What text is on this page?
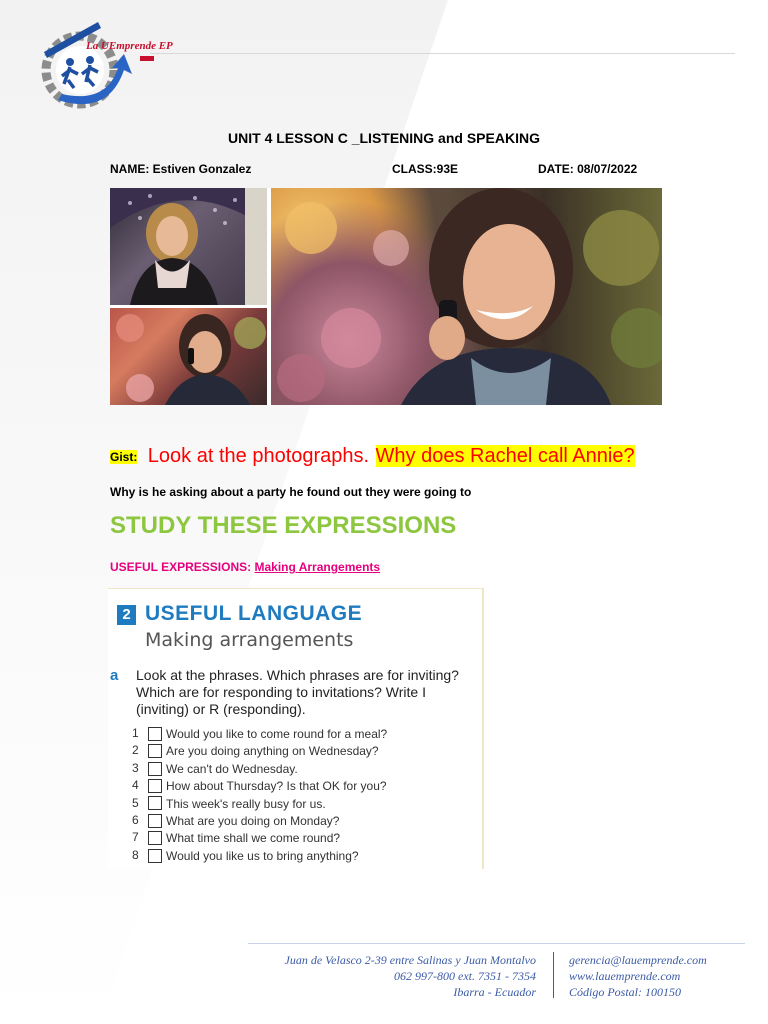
La UEmprende EP
UNIT 4 LESSON C _LISTENING and SPEAKING
NAME: Estiven Gonzalez	CLASS:93E	DATE: 08/07/2022
Gist: Look at the photographs. Why does Rachel call Annie?
Why is he asking about a party he found out they were going to
STUDY THESE EXPRESSIONS
USEFUL EXPRESSIONS: Making Arrangements
2 USEFUL LANGUAGE
Making arrangements
a Look at the phrases. Which phrases are for inviting? Which are for responding to invitations? Write I (inviting) or R (responding).
1 Would you like to come round for a meal?
2 Are you doing anything on Wednesday?
3 We can't do Wednesday.
4 How about Thursday? Is that OK for you?
5 This week's really busy for us.
6 What are you doing on Monday?
7 What time shall we come round?
8 Would you like us to bring anything?
Juan de Velasco 2-39 entre Salinas y Juan Montalvo
062 997-800 ext. 7351 - 7354
Ibarra - Ecuador
gerencia@lauemprende.com
www.lauemprende.com
Código Postal: 100150
